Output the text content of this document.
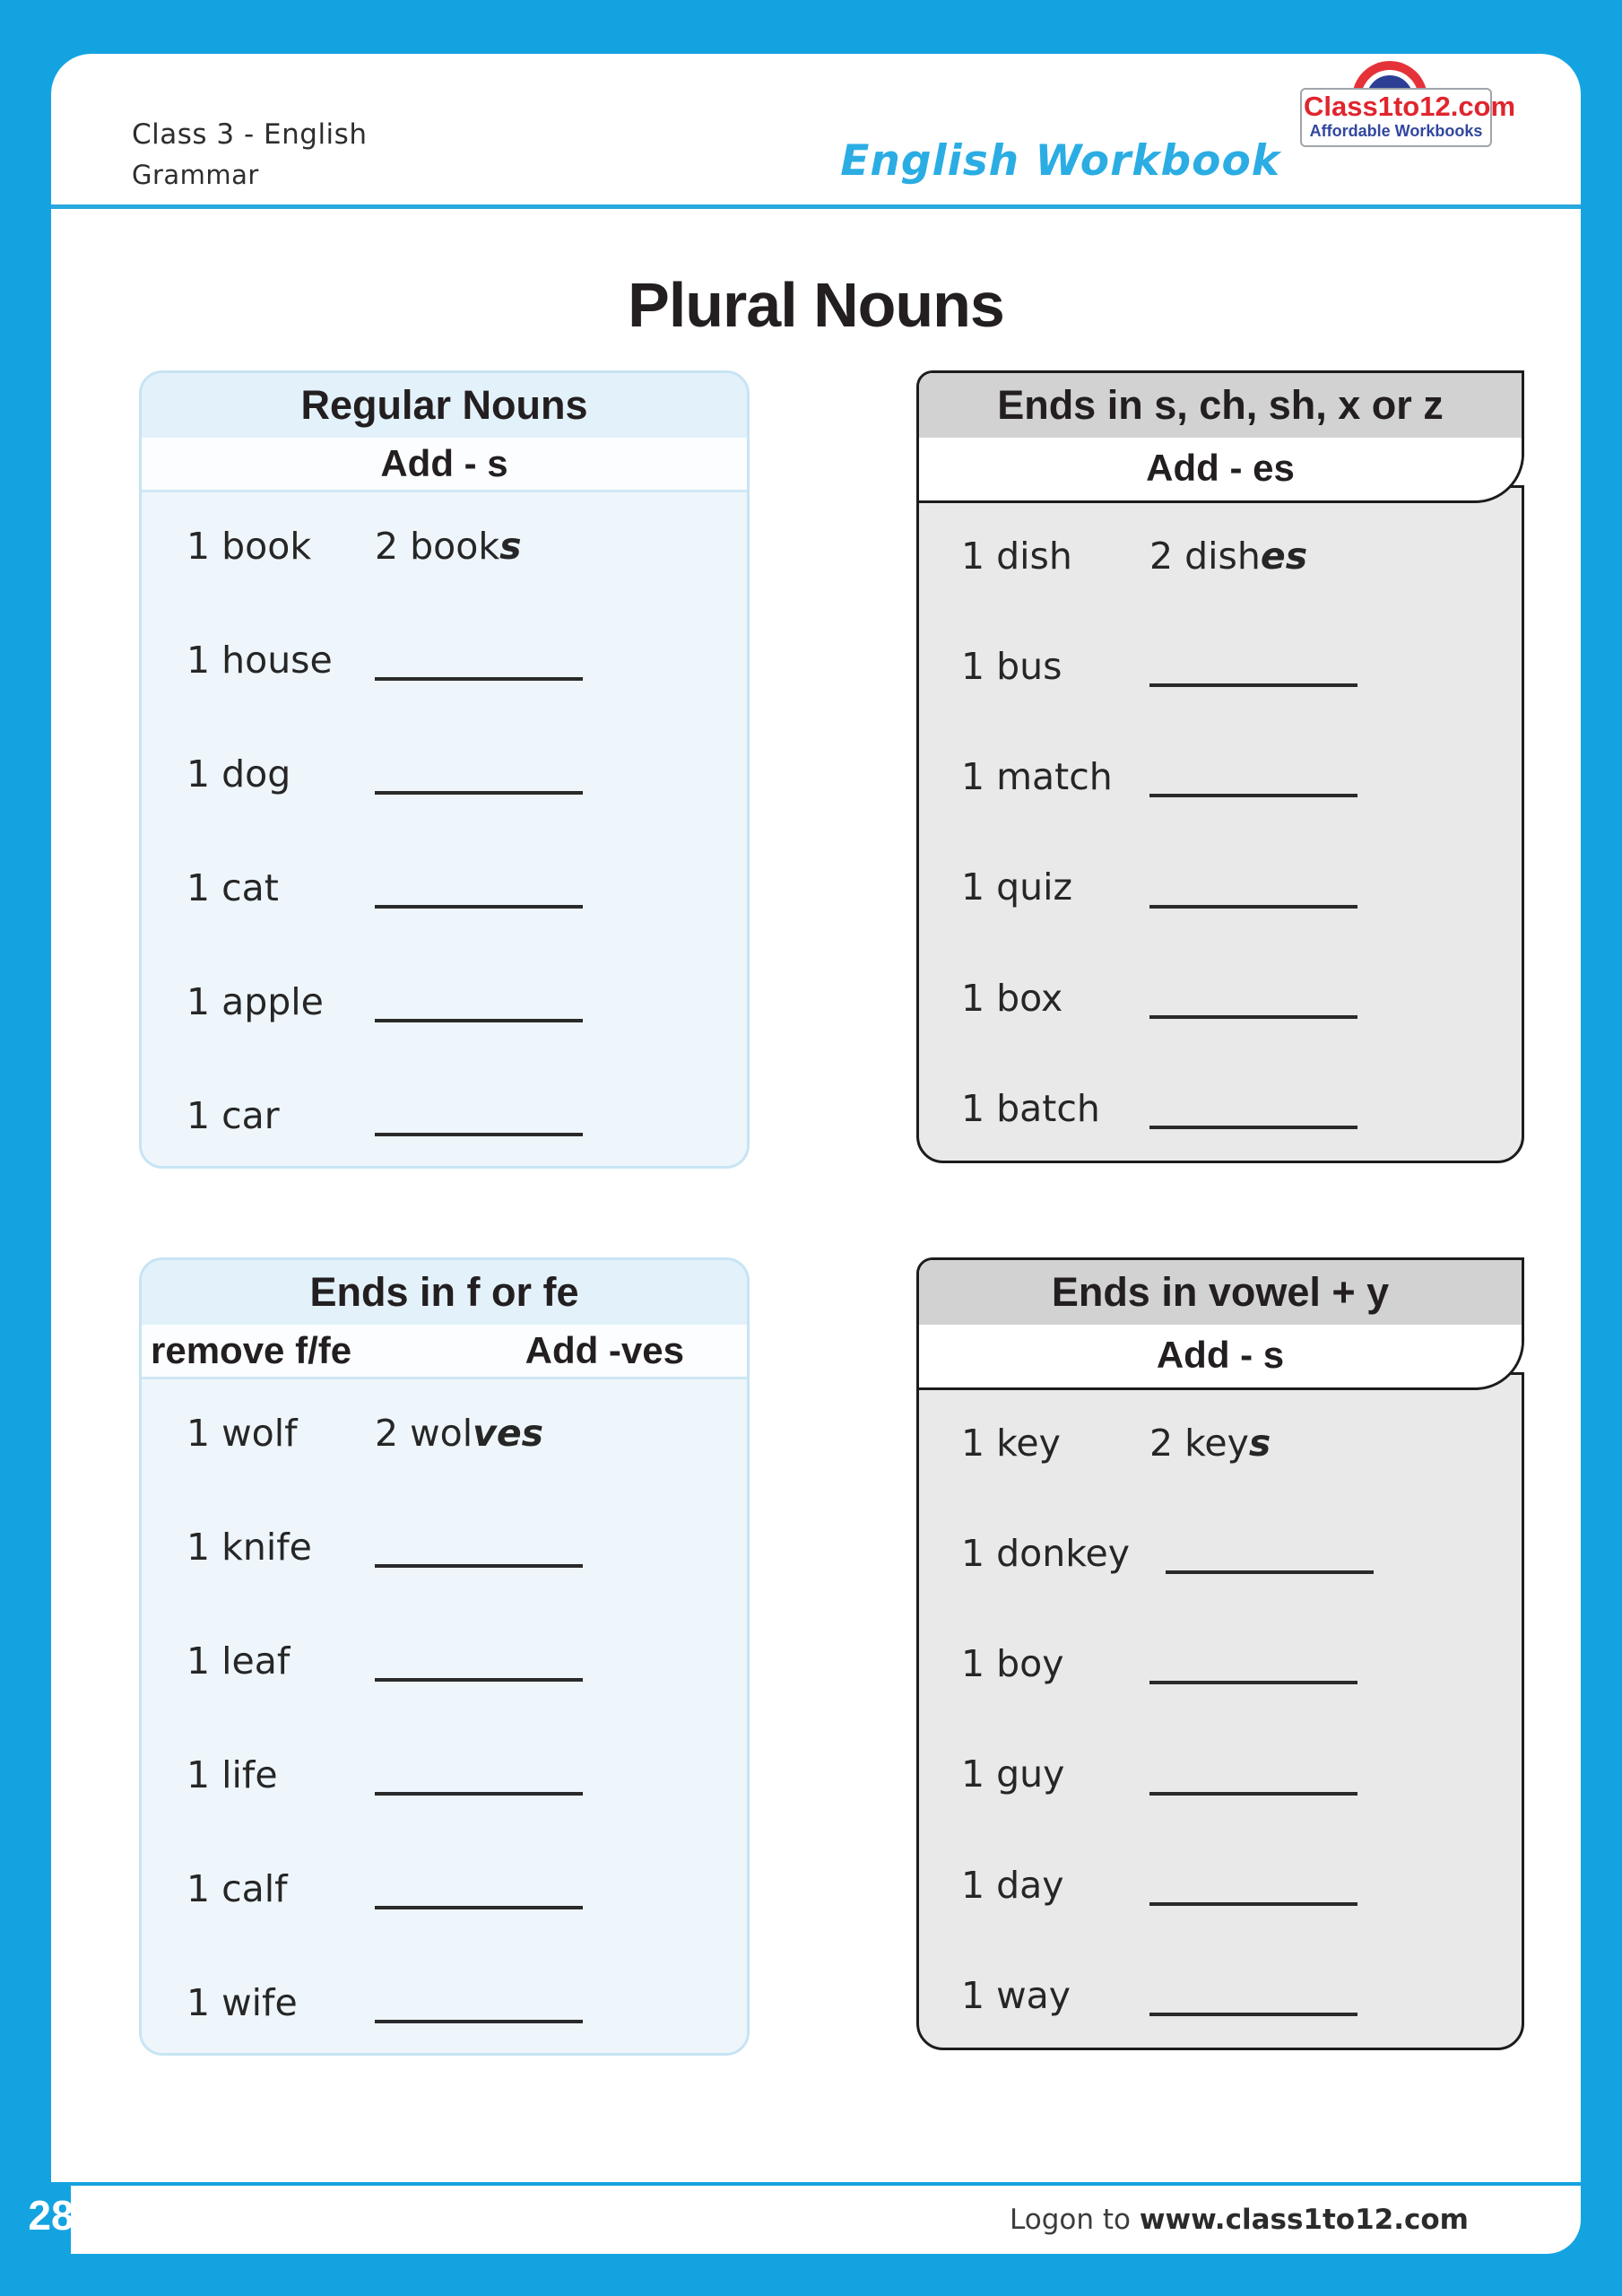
Class 3 - English
Grammar	English Workbook
Class1to12.com
Affordable Workbooks
Plural Nouns
Regular Nouns
Add - s
1 book	2 books
1 house
1 dog
1 cat
1 apple
1 car
Ends in s, ch, sh, x or z
Add - es
1 dish	2 dishes
1 bus
1 match
1 quiz
1 box
1 batch
Ends in f or fe
remove f/fe	Add -ves
1 wolf	2 wolves
1 knife
1 leaf
1 life
1 calf
1 wife
Ends in vowel + y
Add - s
1 key	2 keys
1 donkey
1 boy
1 guy
1 day
1 way
Logon to www.class1to12.com
28
